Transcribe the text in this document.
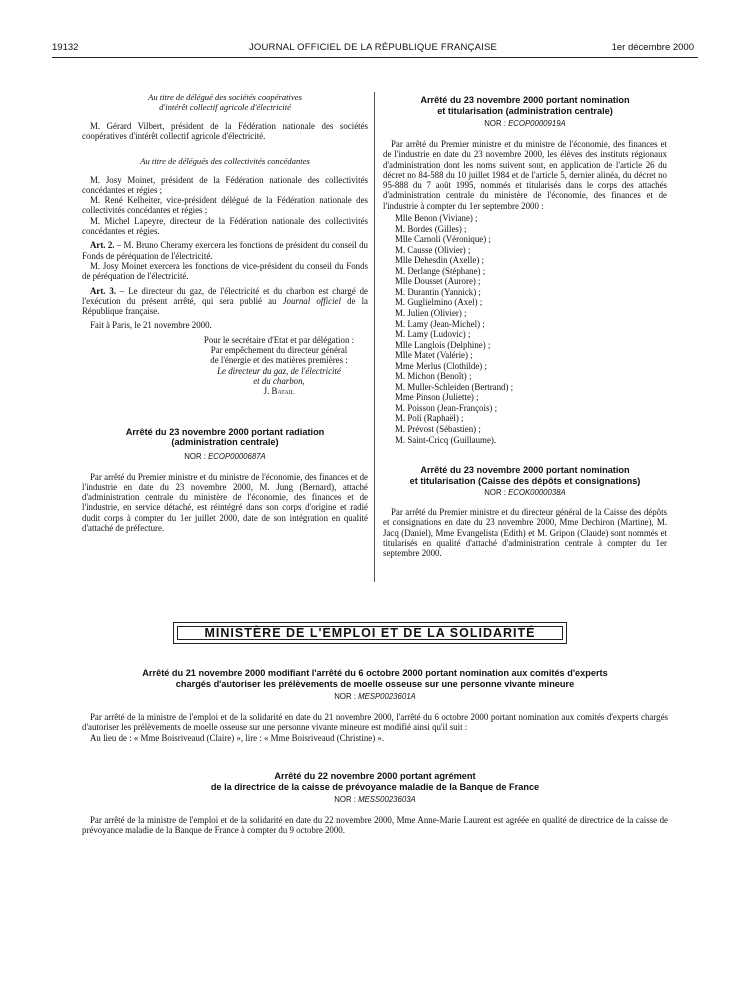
19132	JOURNAL OFFICIEL DE LA RÉPUBLIQUE FRANÇAISE	1er décembre 2000
Au titre de délégué des sociétés coopératives
d'intérêt collectif agricole d'électricité

M. Gérard Vilbert, président de la Fédération nationale des sociétés coopératives d'intérêt collectif agricole d'électricité.

Au titre de délégués des collectivités concédantes

M. Josy Moinet, président de la Fédération nationale des collectivités concédantes et régies ;

M. René Kelheiter, vice-président délégué de la Fédération nationale des collectivités concédantes et régies ;

M. Michel Lapeyre, directeur de la Fédération nationale des collectivités concédantes et régies.

Art. 2. – M. Bruno Cheramy exercera les fonctions de président du conseil du Fonds de péréquation de l'électricité.

M. Josy Moinet exercera les fonctions de vice-président du conseil du Fonds de péréquation de l'électricité.

Art. 3. – Le directeur du gaz, de l'électricité et du charbon est chargé de l'exécution du présent arrêté, qui sera publié au Journal officiel de la République française.

Fait à Paris, le 21 novembre 2000.

Pour le secrétaire d'Etat et par délégation :

Par empêchement du directeur général

de l'énergie et des matières premières :

Le directeur du gaz, de l'électricité

et du charbon,

J. Batail

Arrêté du 23 novembre 2000 portant radiation
(administration centrale)
NOR : ECOP0000687A

Par arrêté du Premier ministre et du ministre de l'économie, des finances et de l'industrie en date du 23 novembre 2000, M. Jung (Bernard), attaché d'administration centrale du ministère de l'économie, des finances et de l'industrie, en service détaché, est réintégré dans son corps d'origine et radié dudit corps à compter du 1er juillet 2000, date de son intégration en qualité d'attaché de préfecture.

Arrêté du 23 novembre 2000 portant nomination
et titularisation (administration centrale)
NOR : ECOP0000919A

Par arrêté du Premier ministre et du ministre de l'économie, des finances et de l'industrie en date du 23 novembre 2000, les élèves des instituts régionaux d'administration dont les noms suivent sont, en application de l'article 26 du décret no 84-588 du 10 juillet 1984 et de l'article 5, dernier alinéa, du décret no 95-888 du 7 août 1995, nommés et titularisés dans le corps des attachés d'administration centrale du ministère de l'économie, des finances et de l'industrie à compter du 1er septembre 2000 :

Mlle Benon (Viviane) ;
M. Bordes (Gilles) ;
Mlle Carnoli (Véronique) ;
M. Causse (Olivier) ;
Mlle Dehesdin (Axelle) ;
M. Derlange (Stéphane) ;
Mlle Dousset (Aurore) ;
M. Durantin (Yannick) ;
M. Guglielmino (Axel) ;
M. Julien (Olivier) ;
M. Lamy (Jean-Michel) ;
M. Lamy (Ludovic) ;
Mlle Langlois (Delphine) ;
Mlle Matet (Valérie) ;
Mme Merlus (Clothilde) ;
M. Michon (Benoît) ;
M. Muller-Schleiden (Bertrand) ;
Mme Pinson (Juliette) ;
M. Poisson (Jean-François) ;
M. Poli (Raphaël) ;
M. Prévost (Sébastien) ;
M. Saint-Cricq (Guillaume).
Arrêté du 23 novembre 2000 portant nomination
et titularisation (Caisse des dépôts et consignations)
NOR : ECOK0000038A

Par arrêté du Premier ministre et du directeur général de la Caisse des dépôts et consignations en date du 23 novembre 2000, Mme Dechiron (Martine), M. Jacq (Daniel), Mme Evangelista (Edith) et M. Gripon (Claude) sont nommés et titularisés en qualité d'attaché d'administration centrale à compter du 1er septembre 2000.

MINISTÈRE DE L'EMPLOI ET DE LA SOLIDARITÉ
Arrêté du 21 novembre 2000 modifiant l'arrêté du 6 octobre 2000 portant nomination aux comités d'experts
chargés d'autoriser les prélèvements de moelle osseuse sur une personne vivante mineure
NOR : MESP0023601A

Par arrêté de la ministre de l'emploi et de la solidarité en date du 21 novembre 2000, l'arrêté du 6 octobre 2000 portant nomination aux comités d'experts chargés d'autoriser les prélèvements de moelle osseuse sur une personne vivante mineure est modifié ainsi qu'il suit :

Au lieu de : « Mme Boisriveaud (Claire) », lire : « Mme Boisriveaud (Christine) ».

Arrêté du 22 novembre 2000 portant agrément
de la directrice de la caisse de prévoyance maladie de la Banque de France
NOR : MESS0023603A

Par arrêté de la ministre de l'emploi et de la solidarité en date du 22 novembre 2000, Mme Anne-Marie Laurent est agréée en qualité de directrice de la caisse de prévoyance maladie de la Banque de France à compter du 9 octobre 2000.
